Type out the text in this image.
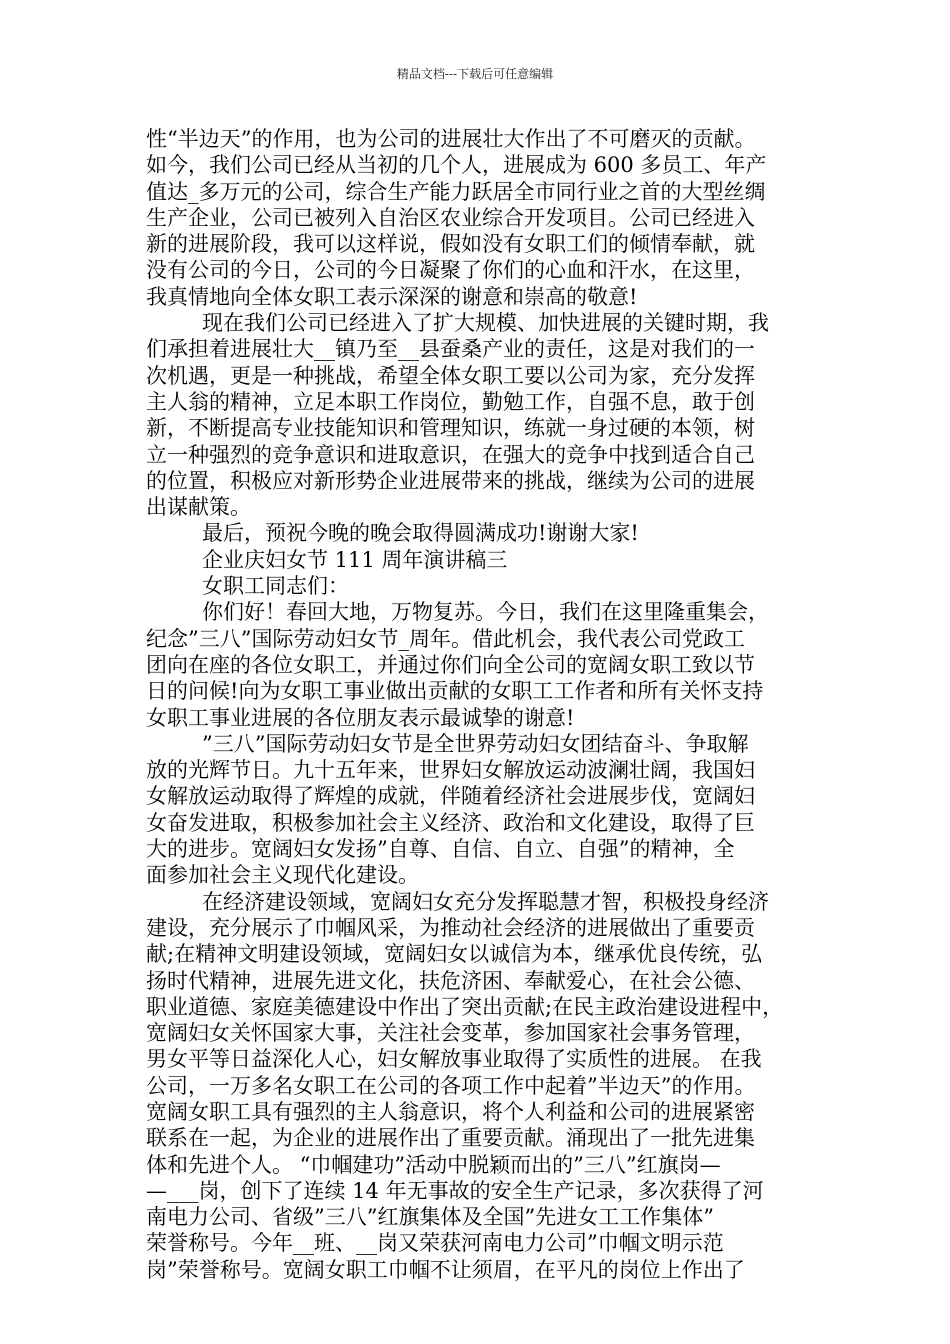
精品文档---下载后可任意编辑
性“半边天”的作用，也为公司的进展壮大作出了不可磨灭的贡献。
如今，我们公司已经从当初的几个人，进展成为 600 多员工、年产
值达_多万元的公司，综合生产能力跃居全市同行业之首的大型丝绸
生产企业，公司已被列入自治区农业综合开发项目。公司已经进入
新的进展阶段，我可以这样说，假如没有女职工们的倾情奉献，就
没有公司的今日，公司的今日凝聚了你们的心血和汗水，在这里，
我真情地向全体女职工表示深深的谢意和崇高的敬意!
现在我们公司已经进入了扩大规模、加快进展的关键时期，我
们承担着进展壮大__镇乃至__县蚕桑产业的责任，这是对我们的一
次机遇，更是一种挑战，希望全体女职工要以公司为家，充分发挥
主人翁的精神，立足本职工作岗位，勤勉工作，自强不息，敢于创
新，不断提高专业技能知识和管理知识，练就一身过硬的本领，树
立一种强烈的竞争意识和进取意识，在强大的竞争中找到适合自己
的位置，积极应对新形势企业进展带来的挑战，继续为公司的进展
出谋献策。
最后，预祝今晚的晚会取得圆满成功!谢谢大家!
企业庆妇女节 111 周年演讲稿三
女职工同志们：
你们好！春回大地，万物复苏。今日，我们在这里隆重集会，
纪念”三八”国际劳动妇女节_周年。借此机会，我代表公司党政工
团向在座的各位女职工，并通过你们向全公司的宽阔女职工致以节
日的问候!向为女职工事业做出贡献的女职工工作者和所有关怀支持
女职工事业进展的各位朋友表示最诚挚的谢意!
”三八”国际劳动妇女节是全世界劳动妇女团结奋斗、争取解
放的光辉节日。九十五年来，世界妇女解放运动波澜壮阔，我国妇
女解放运动取得了辉煌的成就，伴随着经济社会进展步伐，宽阔妇
女奋发进取，积极参加社会主义经济、政治和文化建设，取得了巨
大的进步。宽阔妇女发扬”自尊、自信、自立、自强”的精神，全
面参加社会主义现代化建设。
在经济建设领域，宽阔妇女充分发挥聪慧才智，积极投身经济
建设，充分展示了巾帼风采，为推动社会经济的进展做出了重要贡
献;在精神文明建设领域，宽阔妇女以诚信为本，继承优良传统，弘
扬时代精神，进展先进文化，扶危济困、奉献爱心，在社会公德、
职业道德、家庭美德建设中作出了突出贡献;在民主政治建设进程中，
宽阔妇女关怀国家大事，关注社会变革，参加国家社会事务管理，
男女平等日益深化人心，妇女解放事业取得了实质性的进展。 在我
公司，一万多名女职工在公司的各项工作中起着”半边天”的作用。
宽阔女职工具有强烈的主人翁意识，将个人利益和公司的进展紧密
联系在一起，为企业的进展作出了重要贡献。涌现出了一批先进集
体和先进个人。 “巾帼建功”活动中脱颖而出的”三八”红旗岗—
—___岗，创下了连续 14 年无事故的安全生产记录，多次获得了河
南电力公司、省级”三八”红旗集体及全国”先进女工工作集体”
荣誉称号。今年__班、__岗又荣获河南电力公司”巾帼文明示范
岗”荣誉称号。宽阔女职工巾帼不让须眉，在平凡的岗位上作出了
